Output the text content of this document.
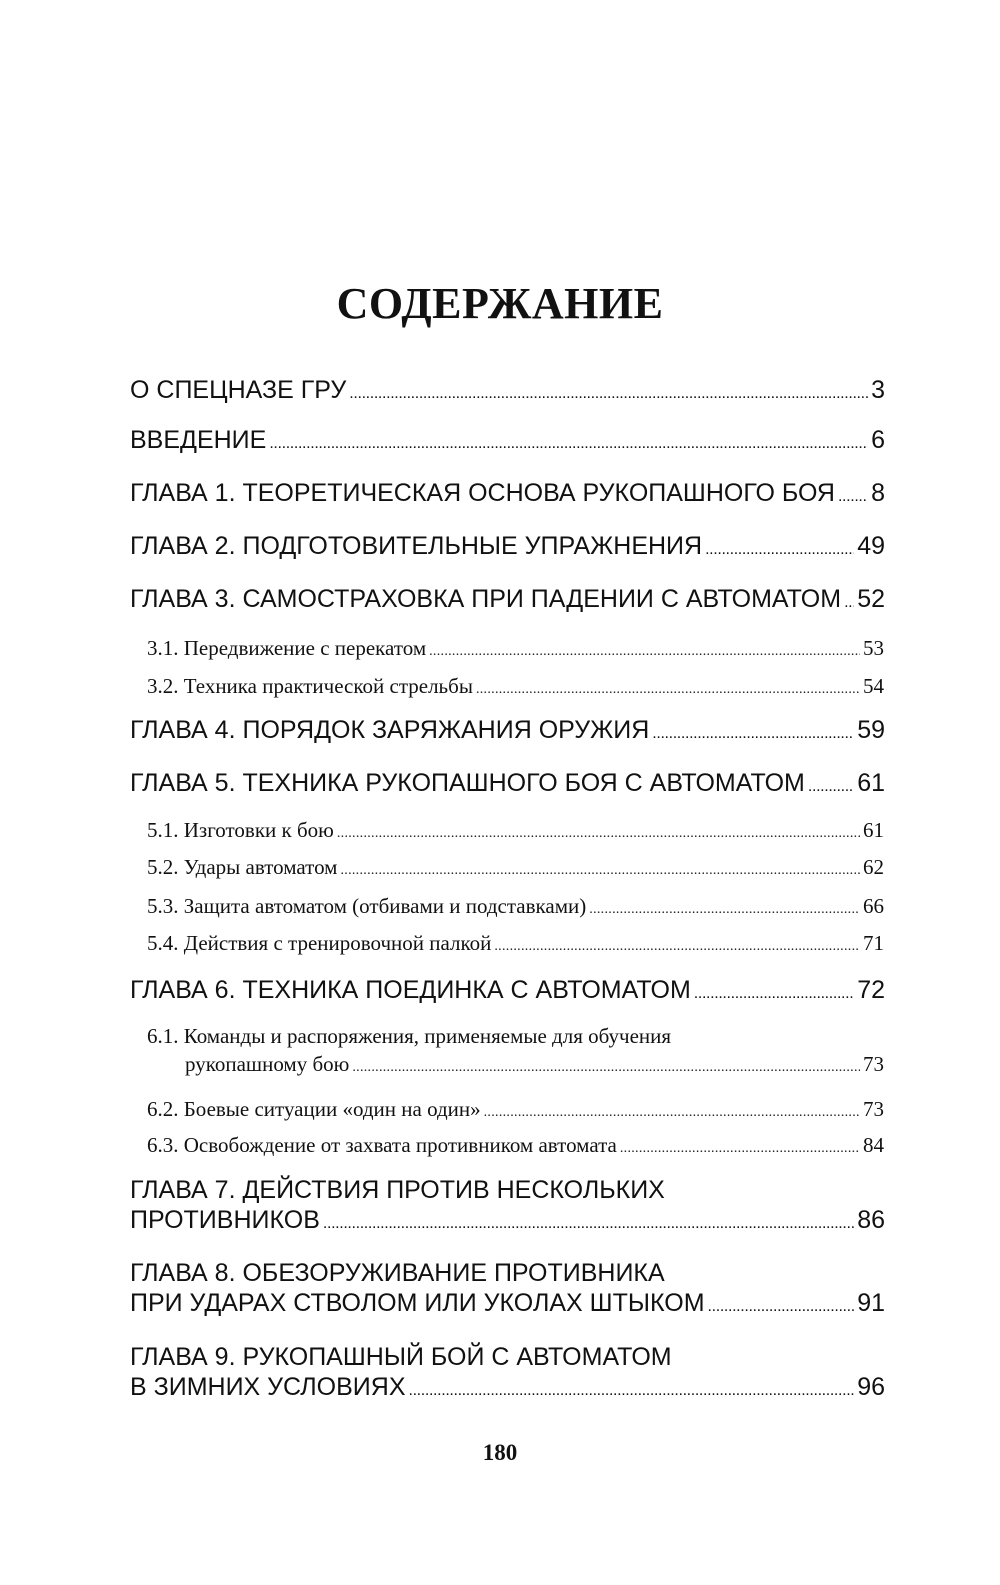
СОДЕРЖАНИЕ
О СПЕЦНАЗЕ ГРУ . . .	3
ВВЕДЕНИЕ . . .	6
ГЛАВА 1. ТЕОРЕТИЧЕСКАЯ ОСНОВА РУКОПАШНОГО БОЯ . . . 8
ГЛАВА 2. ПОДГОТОВИТЕЛЬНЫЕ УПРАЖНЕНИЯ . . .	49
ГЛАВА 3. САМОСТРАХОВКА ПРИ ПАДЕНИИ С АВТОМАТОМ . . . 52
3.1. Передвижение с перекатом . . .	53
3.2. Техника практической стрельбы . . .	54
ГЛАВА 4. ПОРЯДОК ЗАРЯЖАНИЯ ОРУЖИЯ . . .	59
ГЛАВА 5. ТЕХНИКА РУКОПАШНОГО БОЯ С АВТОМАТОМ . . . 61
5.1. Изготовки к бою . . .	61
5.2. Удары автоматом . . .	62
5.3. Защита автоматом (отбивами и подставками) . . .	66
5.4. Действия с тренировочной палкой . . .	71
ГЛАВА 6. ТЕХНИКА ПОЕДИНКА С АВТОМАТОМ . . .	72
6.1. Команды и распоряжения, применяемые для обучения
рукопашному бою . . .	73
6.2. Боевые ситуации «один на один» . . .	73
6.3. Освобождение от захвата противником автомата . . .	84
ГЛАВА 7. ДЕЙСТВИЯ ПРОТИВ НЕСКОЛЬКИХ
ПРОТИВНИКОВ . . .	86
ГЛАВА 8. ОБЕЗОРУЖИВАНИЕ ПРОТИВНИКА
ПРИ УДАРАХ СТВОЛОМ ИЛИ УКОЛАХ ШТЫКОМ . . .	91
ГЛАВА 9. РУКОПАШНЫЙ БОЙ С АВТОМАТОМ
В ЗИМНИХ УСЛОВИЯХ . . .	96
180
